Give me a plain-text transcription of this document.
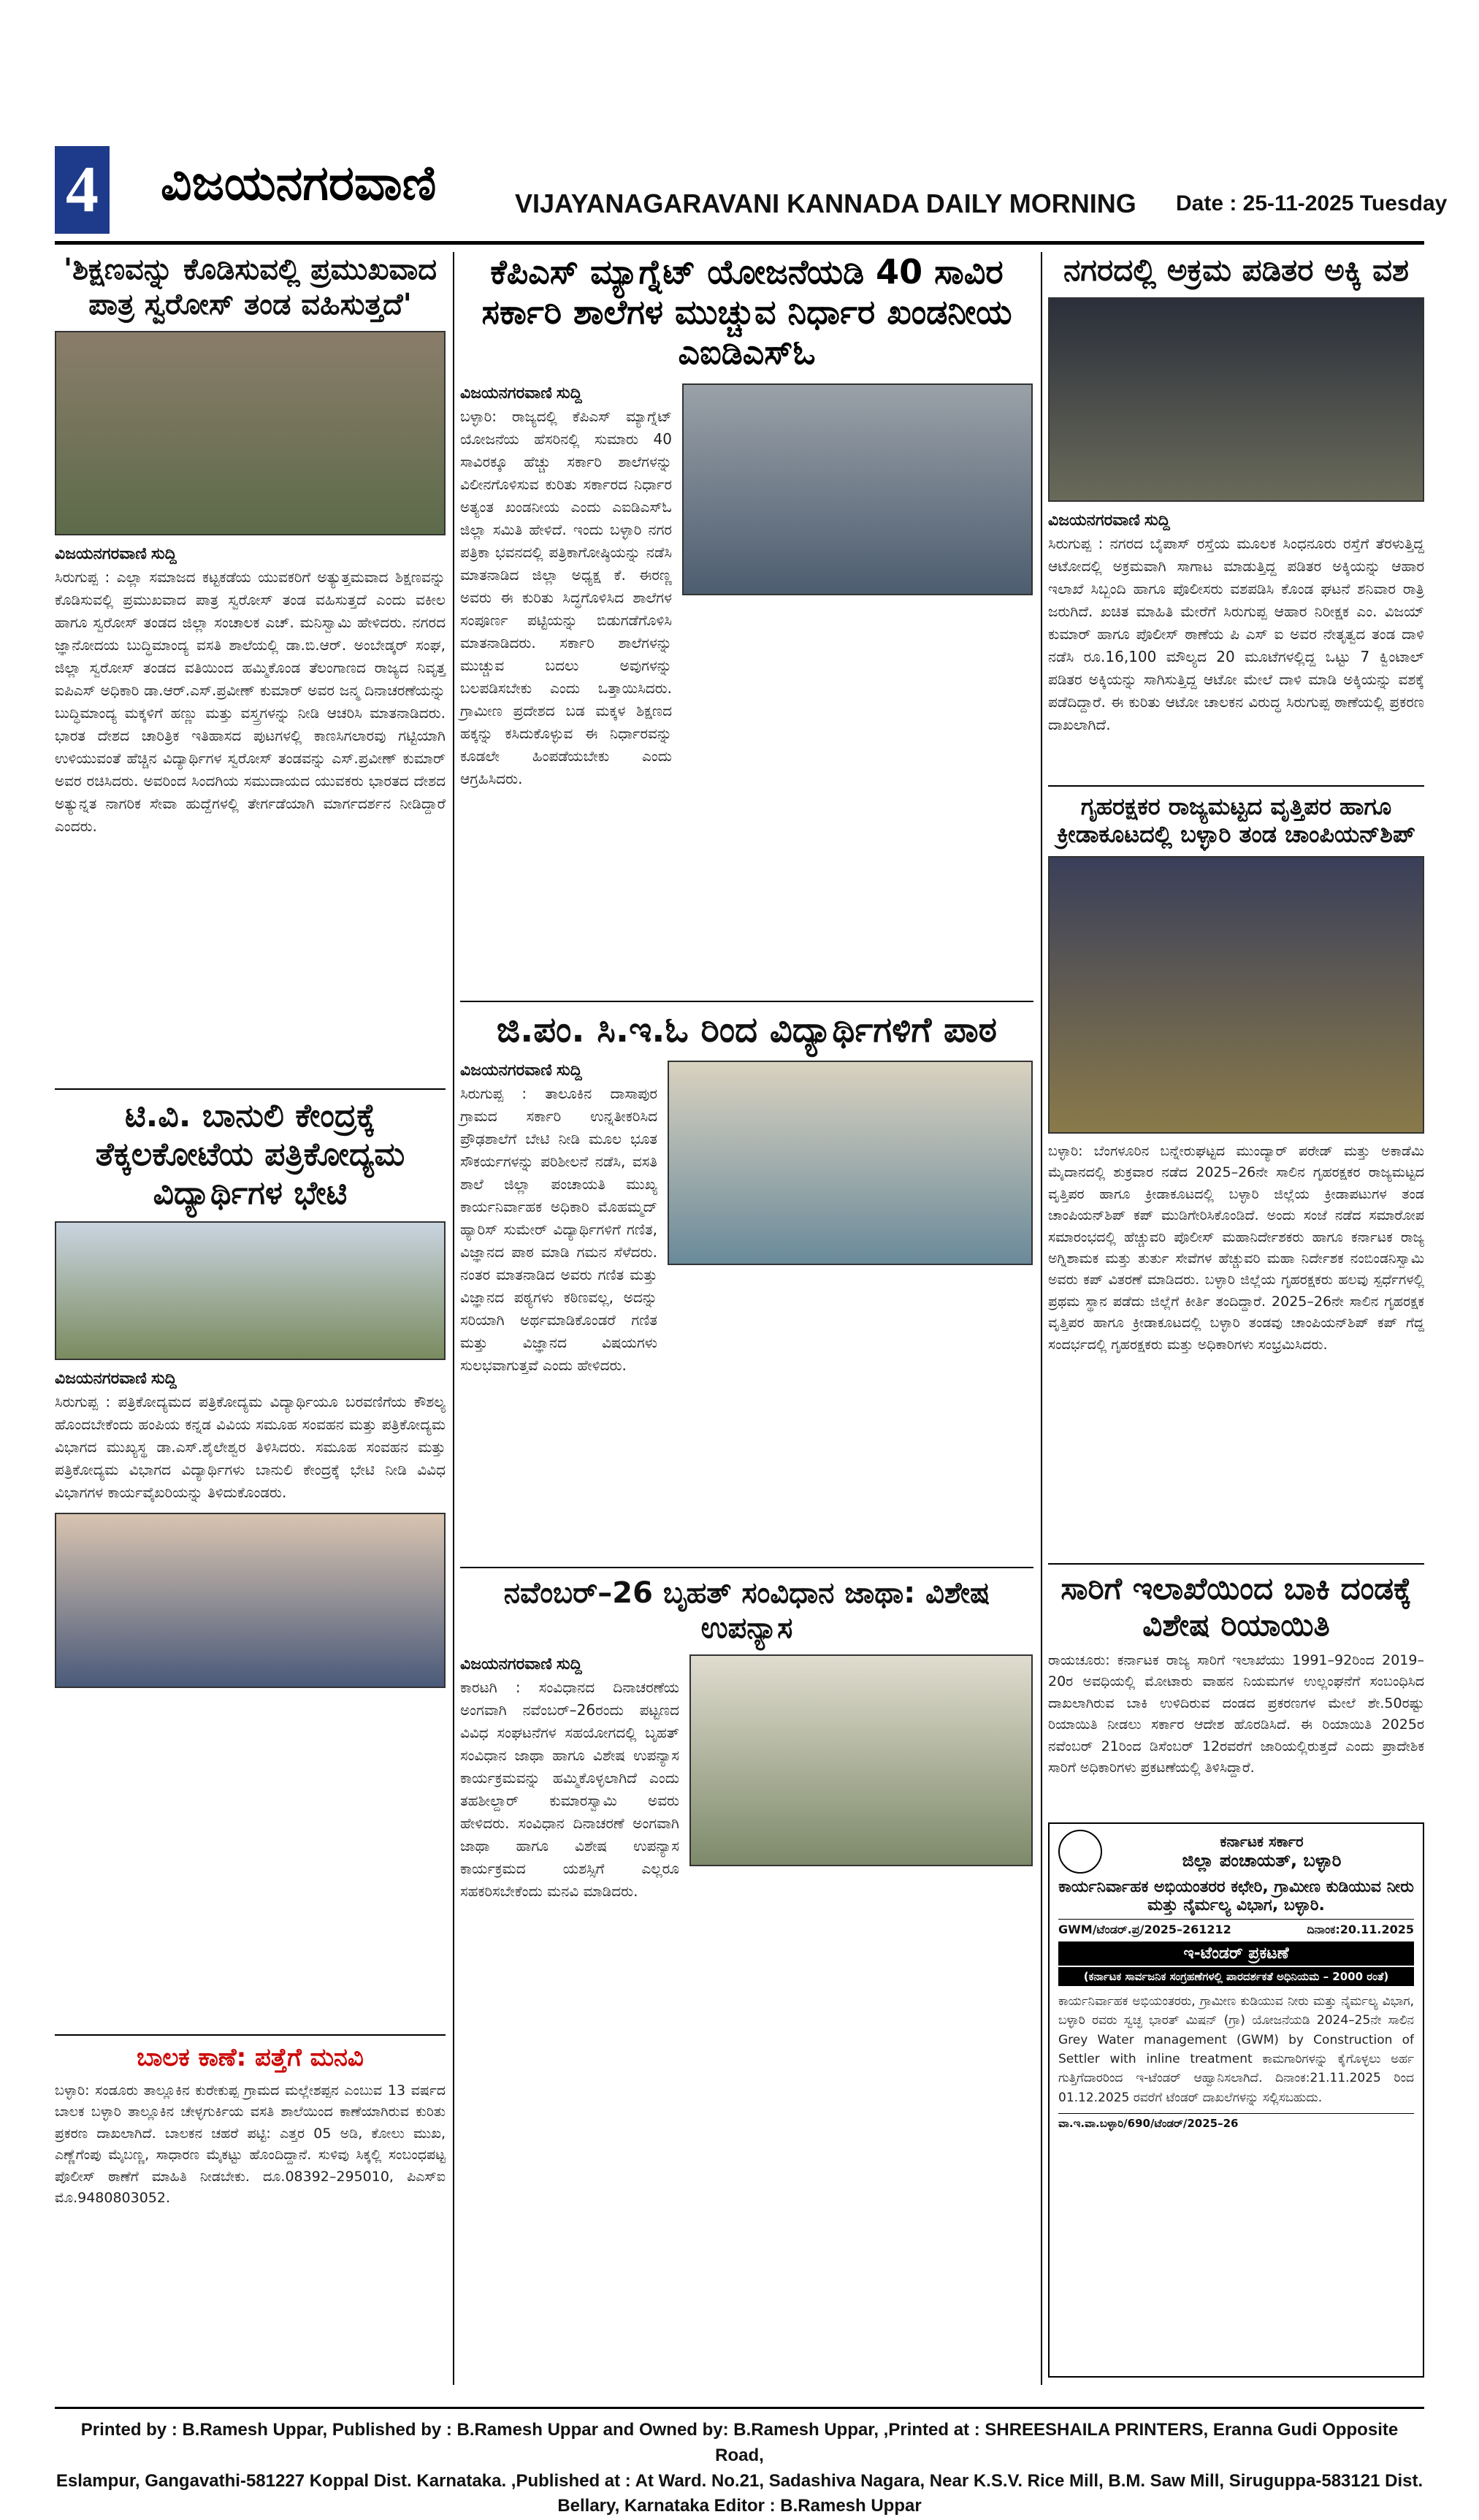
4 ವಿಜಯನಗರವಾಣಿ	VIJAYANAGARAVANI KANNADA DAILY MORNING Date : 25-11-2025 Tuesday
'ಶಿಕ್ಷಣವನ್ನು ಕೊಡಿಸುವಲ್ಲಿ ಪ್ರಮುಖವಾದ ಪಾತ್ರ ಸ್ವರೋಸ್ ತಂಡ ವಹಿಸುತ್ತದೆ'
ವಿಜಯನಗರವಾಣಿ ಸುದ್ದಿ
ಸಿರುಗುಪ್ಪ : ಎಲ್ಲಾ ಸಮಾಜದ ಕಟ್ಟಕಡೆಯ ಯುವಕರಿಗೆ ಅತ್ಯುತ್ತಮವಾದ ಶಿಕ್ಷಣವನ್ನು ಕೊಡಿಸುವಲ್ಲಿ ಪ್ರಮುಖವಾದ ಪಾತ್ರ ಸ್ವರೋಸ್ ತಂಡ ವಹಿಸುತ್ತದೆ ಎಂದು ವಕೀಲ ಹಾಗೂ ಸ್ವರೋಸ್ ತಂಡದ ಜಿಲ್ಲಾ ಸಂಚಾಲಕ ಎಚ್. ಮನಿಸ್ವಾಮಿ ಹೇಳಿದರು. ನಗರದ ಜ್ಞಾನೋದಯ ಬುದ್ಧಿಮಾಂದ್ಯ ವಸತಿ ಶಾಲೆಯಲ್ಲಿ ಡಾ.ಬಿ.ಆರ್. ಅಂಬೇಡ್ಕರ್ ಸಂಘ, ಜಿಲ್ಲಾ ಸ್ವರೋಸ್ ತಂಡದ ವತಿಯಿಂದ ಹಮ್ಮಿಕೊಂಡ ತೆಲಂಗಾಣದ ರಾಜ್ಯದ ನಿವೃತ್ತ ಐಪಿಎಸ್ ಅಧಿಕಾರಿ ಡಾ.ಆರ್.ಎಸ್.ಪ್ರವೀಣ್ ಕುಮಾರ್ ಅವರ ಜನ್ಮ ದಿನಾಚರಣೆಯನ್ನು ಬುದ್ಧಿಮಾಂದ್ಯ ಮಕ್ಕಳಿಗೆ ಹಣ್ಣು ಮತ್ತು ವಸ್ತ್ರಗಳನ್ನು ನೀಡಿ ಆಚರಿಸಿ ಮಾತನಾಡಿದರು. ಭಾರತ ದೇಶದ ಚಾರಿತ್ರಿಕ ಇತಿಹಾಸದ ಪುಟಗಳಲ್ಲಿ ಕಾಣಸಿಗಲಾರವು ಗಟ್ಟಿಯಾಗಿ ಉಳಿಯುವಂತೆ ಹೆಚ್ಚಿನ ವಿದ್ಯಾರ್ಥಿಗಳ ಸ್ವರೋಸ್ ತಂಡವನ್ನು ಎಸ್.ಪ್ರವೀಣ್ ಕುಮಾರ್ ಅವರ ರಚಿಸಿದರು. ಅವರಿಂದ ಸಿಂದಗಿಯ ಸಮುದಾಯದ ಯುವಕರು ಭಾರತದ ದೇಶದ ಅತ್ಯುನ್ನತ ನಾಗರಿಕ ಸೇವಾ ಹುದ್ದೆಗಳಲ್ಲಿ ತೇರ್ಗಡೆಯಾಗಿ ಮಾರ್ಗದರ್ಶನ ನೀಡಿದ್ದಾರೆ ಎಂದರು.
ಟಿ.ವಿ. ಬಾನುಲಿ ಕೇಂದ್ರಕ್ಕೆ ತೆಕ್ಕಲಕೋಟೆಯ ಪತ್ರಿಕೋದ್ಯಮ ವಿದ್ಯಾರ್ಥಿಗಳ ಭೇಟಿ
ವಿಜಯನಗರವಾಣಿ ಸುದ್ದಿ
ಸಿರುಗುಪ್ಪ : ಪತ್ರಿಕೋದ್ಯಮದ ಪತ್ರಿಕೋದ್ಯಮ ವಿದ್ಯಾರ್ಥಿಯೂ ಬರವಣಿಗೆಯ ಕೌಶಲ್ಯ ಹೊಂದಬೇಕೆಂದು ಹಂಪಿಯ ಕನ್ನಡ ವಿವಿಯ ಸಮೂಹ ಸಂವಹನ ಮತ್ತು ಪತ್ರಿಕೋದ್ಯಮ ವಿಭಾಗದ ಮುಖ್ಯಸ್ಥ ಡಾ.ಎಸ್.ಶೈಲೇಶ್ವರ ತಿಳಿಸಿದರು. ಸಮೂಹ ಸಂವಹನ ಮತ್ತು ಪತ್ರಿಕೋದ್ಯಮ ವಿಭಾಗದ ವಿದ್ಯಾರ್ಥಿಗಳು ಬಾನುಲಿ ಕೇಂದ್ರಕ್ಕೆ ಭೇಟಿ ನೀಡಿ ವಿವಿಧ ವಿಭಾಗಗಳ ಕಾರ್ಯವೈಖರಿಯನ್ನು ತಿಳಿದುಕೊಂಡರು.
ಬಾಲಕ ಕಾಣೆ: ಪತ್ತೆಗೆ ಮನವಿ
ಬಳ್ಳಾರಿ: ಸಂಡೂರು ತಾಲ್ಲೂಕಿನ ಕುರೇಕುಪ್ಪ ಗ್ರಾಮದ ಮಲ್ಲೇಶಪ್ಪನ ಎಂಬುವ 13 ವರ್ಷದ ಬಾಲಕ ಬಳ್ಳಾರಿ ತಾಲ್ಲೂಕಿನ ಚೇಳ್ಳಗುರ್ಕಿಯ ವಸತಿ ಶಾಲೆಯಿಂದ ಕಾಣೆಯಾಗಿರುವ ಕುರಿತು ಪ್ರಕರಣ ದಾಖಲಾಗಿದೆ. ಬಾಲಕನ ಚಹರೆ ಪಟ್ಟಿ: ಎತ್ತರ 05 ಅಡಿ, ಕೋಲು ಮುಖ, ಎಣ್ಣೆಗೆಂಪು ಮೈಬಣ್ಣ, ಸಾಧಾರಣ ಮೈಕಟ್ಟು ಹೊಂದಿದ್ದಾನೆ. ಸುಳಿವು ಸಿಕ್ಕಲ್ಲಿ ಸಂಬಂಧಪಟ್ಟ ಪೊಲೀಸ್ ಠಾಣೆಗೆ ಮಾಹಿತಿ ನೀಡಬೇಕು. ದೂ.08392–295010, ಪಿಎಸ್‌ಐ ಮೊ.9480803052.
ಕೆಪಿಎಸ್ ಮ್ಯಾಗ್ನೆಟ್ ಯೋಜನೆಯಡಿ 40 ಸಾವಿರ ಸರ್ಕಾರಿ ಶಾಲೆಗಳ ಮುಚ್ಚುವ ನಿರ್ಧಾರ ಖಂಡನೀಯ ಎಐಡಿಎಸ್ಓ
ವಿಜಯನಗರವಾಣಿ ಸುದ್ದಿ
ಬಳ್ಳಾರಿ: ರಾಜ್ಯದಲ್ಲಿ ಕೆಪಿಎಸ್ ಮ್ಯಾಗ್ನೆಟ್ ಯೋಜನೆಯ ಹೆಸರಿನಲ್ಲಿ ಸುಮಾರು 40 ಸಾವಿರಕ್ಕೂ ಹೆಚ್ಚು ಸರ್ಕಾರಿ ಶಾಲೆಗಳನ್ನು ವಿಲೀನಗೊಳಿಸುವ ಕುರಿತು ಸರ್ಕಾರದ ನಿರ್ಧಾರ ಅತ್ಯಂತ ಖಂಡನೀಯ ಎಂದು ಎಐಡಿಎಸ್‌ಓ ಜಿಲ್ಲಾ ಸಮಿತಿ ಹೇಳಿದೆ. ಇಂದು ಬಳ್ಳಾರಿ ನಗರ ಪತ್ರಿಕಾ ಭವನದಲ್ಲಿ ಪತ್ರಿಕಾಗೋಷ್ಠಿಯನ್ನು ನಡೆಸಿ ಮಾತನಾಡಿದ ಜಿಲ್ಲಾ ಅಧ್ಯಕ್ಷ ಕೆ. ಈರಣ್ಣ ಅವರು ಈ ಕುರಿತು ಸಿದ್ಧಗೊಳಿಸಿದ ಶಾಲೆಗಳ ಸಂಪೂರ್ಣ ಪಟ್ಟಿಯನ್ನು ಬಿಡುಗಡೆಗೊಳಿಸಿ ಮಾತನಾಡಿದರು. ಸರ್ಕಾರಿ ಶಾಲೆಗಳನ್ನು ಮುಚ್ಚುವ ಬದಲು ಅವುಗಳನ್ನು ಬಲಪಡಿಸಬೇಕು ಎಂದು ಒತ್ತಾಯಿಸಿದರು. ಗ್ರಾಮೀಣ ಪ್ರದೇಶದ ಬಡ ಮಕ್ಕಳ ಶಿಕ್ಷಣದ ಹಕ್ಕನ್ನು ಕಸಿದುಕೊಳ್ಳುವ ಈ ನಿರ್ಧಾರವನ್ನು ಕೂಡಲೇ ಹಿಂಪಡೆಯಬೇಕು ಎಂದು ಆಗ್ರಹಿಸಿದರು.
ಜಿ.ಪಂ. ಸಿ.ಇ.ಓ ರಿಂದ ವಿದ್ಯಾರ್ಥಿಗಳಿಗೆ ಪಾಠ
ವಿಜಯನಗರವಾಣಿ ಸುದ್ದಿ
ಸಿರುಗುಪ್ಪ : ತಾಲೂಕಿನ ದಾಸಾಪುರ ಗ್ರಾಮದ ಸರ್ಕಾರಿ ಉನ್ನತೀಕರಿಸಿದ ಪ್ರೌಢಶಾಲೆಗೆ ಬೇಟಿ ನೀಡಿ ಮೂಲ ಭೂತ ಸೌಕರ್ಯಗಳನ್ನು ಪರಿಶೀಲನೆ ನಡೆಸಿ, ವಸತಿ ಶಾಲೆ ಜಿಲ್ಲಾ ಪಂಚಾಯತಿ ಮುಖ್ಯ ಕಾರ್ಯನಿರ್ವಾಹಕ ಅಧಿಕಾರಿ ಮೊಹಮ್ಮದ್ ಹ್ಯಾರಿಸ್ ಸುಮೇರ್ ವಿದ್ಯಾರ್ಥಿಗಳಿಗೆ ಗಣಿತ, ವಿಜ್ಞಾನದ ಪಾಠ ಮಾಡಿ ಗಮನ ಸೆಳೆದರು. ನಂತರ ಮಾತನಾಡಿದ ಅವರು ಗಣಿತ ಮತ್ತು ವಿಜ್ಞಾನದ ಪಠ್ಯಗಳು ಕಠಿಣವಲ್ಲ, ಅದನ್ನು ಸರಿಯಾಗಿ ಅರ್ಥಮಾಡಿಕೊಂಡರೆ ಗಣಿತ ಮತ್ತು ವಿಜ್ಞಾನದ ವಿಷಯಗಳು ಸುಲಭವಾಗುತ್ತವೆ ಎಂದು ಹೇಳಿದರು.
ನವೆಂಬರ್–26 ಬೃಹತ್ ಸಂವಿಧಾನ ಜಾಥಾ: ವಿಶೇಷ ಉಪನ್ಯಾಸ
ವಿಜಯನಗರವಾಣಿ ಸುದ್ದಿ
ಕಾರಟಗಿ : ಸಂವಿಧಾನದ ದಿನಾಚರಣೆಯ ಅಂಗವಾಗಿ ನವೆಂಬರ್–26ರಂದು ಪಟ್ಟಣದ ವಿವಿಧ ಸಂಘಟನೆಗಳ ಸಹಯೋಗದಲ್ಲಿ ಬೃಹತ್ ಸಂವಿಧಾನ ಜಾಥಾ ಹಾಗೂ ವಿಶೇಷ ಉಪನ್ಯಾಸ ಕಾರ್ಯಕ್ರಮವನ್ನು ಹಮ್ಮಿಕೊಳ್ಳಲಾಗಿದೆ ಎಂದು ತಹಶೀಲ್ದಾರ್ ಕುಮಾರಸ್ವಾಮಿ ಅವರು ಹೇಳಿದರು. ಸಂವಿಧಾನ ದಿನಾಚರಣೆ ಅಂಗವಾಗಿ ಜಾಥಾ ಹಾಗೂ ವಿಶೇಷ ಉಪನ್ಯಾಸ ಕಾರ್ಯಕ್ರಮದ ಯಶಸ್ಸಿಗೆ ಎಲ್ಲರೂ ಸಹಕರಿಸಬೇಕೆಂದು ಮನವಿ ಮಾಡಿದರು.
ನಗರದಲ್ಲಿ ಅಕ್ರಮ ಪಡಿತರ ಅಕ್ಕಿ ವಶ
ವಿಜಯನಗರವಾಣಿ ಸುದ್ದಿ
ಸಿರುಗುಪ್ಪ : ನಗರದ ಬೈಪಾಸ್ ರಸ್ತೆಯ ಮೂಲಕ ಸಿಂಧನೂರು ರಸ್ತೆಗೆ ತೆರಳುತ್ತಿದ್ದ ಆಟೋದಲ್ಲಿ ಅಕ್ರಮವಾಗಿ ಸಾಗಾಟ ಮಾಡುತ್ತಿದ್ದ ಪಡಿತರ ಅಕ್ಕಿಯನ್ನು ಆಹಾರ ಇಲಾಖೆ ಸಿಬ್ಬಂದಿ ಹಾಗೂ ಪೊಲೀಸರು ವಶಪಡಿಸಿ ಕೊಂಡ ಘಟನೆ ಶನಿವಾರ ರಾತ್ರಿ ಜರುಗಿದೆ. ಖಚಿತ ಮಾಹಿತಿ ಮೇರೆಗೆ ಸಿರುಗುಪ್ಪ ಆಹಾರ ನಿರೀಕ್ಷಕ ಎಂ. ವಿಜಯ್ ಕುಮಾರ್ ಹಾಗೂ ಪೊಲೀಸ್ ಠಾಣೆಯ ಪಿ ಎಸ್ ಐ ಅವರ ನೇತೃತ್ವದ ತಂಡ ದಾಳಿ ನಡೆಸಿ ರೂ.16,100 ಮೌಲ್ಯದ 20 ಮೂಟೆಗಳಲ್ಲಿದ್ದ ಒಟ್ಟು 7 ಕ್ವಿಂಟಾಲ್ ಪಡಿತರ ಅಕ್ಕಿಯನ್ನು ಸಾಗಿಸುತ್ತಿದ್ದ ಆಟೋ ಮೇಲೆ ದಾಳಿ ಮಾಡಿ ಅಕ್ಕಿಯನ್ನು ವಶಕ್ಕೆ ಪಡೆದಿದ್ದಾರೆ. ಈ ಕುರಿತು ಆಟೋ ಚಾಲಕನ ವಿರುದ್ಧ ಸಿರುಗುಪ್ಪ ಠಾಣೆಯಲ್ಲಿ ಪ್ರಕರಣ ದಾಖಲಾಗಿದೆ.
ಗೃಹರಕ್ಷಕರ ರಾಜ್ಯಮಟ್ಟದ ವೃತ್ತಿಪರ ಹಾಗೂ ಕ್ರೀಡಾಕೂಟದಲ್ಲಿ ಬಳ್ಳಾರಿ ತಂಡ ಚಾಂಪಿಯನ್‌ಶಿಪ್
ಬಳ್ಳಾರಿ: ಬೆಂಗಳೂರಿನ ಬನ್ನೇರುಘಟ್ಟದ ಮುಂದ್ಯಾರ್ ಪರೇಡ್ ಮತ್ತು ಅಕಾಡೆಮಿ ಮೈದಾನದಲ್ಲಿ ಶುಕ್ರವಾರ ನಡೆದ 2025–26ನೇ ಸಾಲಿನ ಗೃಹರಕ್ಷಕರ ರಾಜ್ಯಮಟ್ಟದ ವೃತ್ತಿಪರ ಹಾಗೂ ಕ್ರೀಡಾಕೂಟದಲ್ಲಿ ಬಳ್ಳಾರಿ ಜಿಲ್ಲೆಯ ಕ್ರೀಡಾಪಟುಗಳ ತಂಡ ಚಾಂಪಿಯನ್‌ಶಿಪ್ ಕಪ್ ಮುಡಿಗೇರಿಸಿಕೊಂಡಿದೆ. ಅಂದು ಸಂಜೆ ನಡೆದ ಸಮಾರೋಪ ಸಮಾರಂಭದಲ್ಲಿ ಹೆಚ್ಚುವರಿ ಪೊಲೀಸ್ ಮಹಾನಿರ್ದೇಶಕರು ಹಾಗೂ ಕರ್ನಾಟಕ ರಾಜ್ಯ ಅಗ್ನಿಶಾಮಕ ಮತ್ತು ತುರ್ತು ಸೇವೆಗಳ ಹೆಚ್ಚುವರಿ ಮಹಾ ನಿರ್ದೇಶಕ ನಂಬಿಂಡನಿಸ್ವಾಮಿ ಅವರು ಕಪ್ ವಿತರಣೆ ಮಾಡಿದರು. ಬಳ್ಳಾರಿ ಜಿಲ್ಲೆಯ ಗೃಹರಕ್ಷಕರು ಹಲವು ಸ್ಪರ್ಧೆಗಳಲ್ಲಿ ಪ್ರಥಮ ಸ್ಥಾನ ಪಡೆದು ಜಿಲ್ಲೆಗೆ ಕೀರ್ತಿ ತಂದಿದ್ದಾರೆ. 2025–26ನೇ ಸಾಲಿನ ಗೃಹರಕ್ಷಕ ವೃತ್ತಿಪರ ಹಾಗೂ ಕ್ರೀಡಾಕೂಟದಲ್ಲಿ ಬಳ್ಳಾರಿ ತಂಡವು ಚಾಂಪಿಯನ್‌ಶಿಪ್ ಕಪ್ ಗೆದ್ದ ಸಂದರ್ಭದಲ್ಲಿ ಗೃಹರಕ್ಷಕರು ಮತ್ತು ಅಧಿಕಾರಿಗಳು ಸಂಭ್ರಮಿಸಿದರು.
ಸಾರಿಗೆ ಇಲಾಖೆಯಿಂದ ಬಾಕಿ ದಂಡಕ್ಕೆ ವಿಶೇಷ ರಿಯಾಯಿತಿ
ರಾಯಚೂರು: ಕರ್ನಾಟಕ ರಾಜ್ಯ ಸಾರಿಗೆ ಇಲಾಖೆಯು 1991–92ರಿಂದ 2019–20ರ ಅವಧಿಯಲ್ಲಿ ಮೋಟಾರು ವಾಹನ ನಿಯಮಗಳ ಉಲ್ಲಂಘನೆಗೆ ಸಂಬಂಧಿಸಿದ ದಾಖಲಾಗಿರುವ ಬಾಕಿ ಉಳಿದಿರುವ ದಂಡದ ಪ್ರಕರಣಗಳ ಮೇಲೆ ಶೇ.50ರಷ್ಟು ರಿಯಾಯಿತಿ ನೀಡಲು ಸರ್ಕಾರ ಆದೇಶ ಹೊರಡಿಸಿದೆ. ಈ ರಿಯಾಯಿತಿ 2025ರ ನವೆಂಬರ್ 21ರಿಂದ ಡಿಸೆಂಬರ್ 12ರವರೆಗೆ ಜಾರಿಯಲ್ಲಿರುತ್ತದೆ ಎಂದು ಪ್ರಾದೇಶಿಕ ಸಾರಿಗೆ ಅಧಿಕಾರಿಗಳು ಪ್ರಕಟಣೆಯಲ್ಲಿ ತಿಳಿಸಿದ್ದಾರೆ.
ಕರ್ನಾಟಕ ಸರ್ಕಾರ
ಜಿಲ್ಲಾ ಪಂಚಾಯತ್, ಬಳ್ಳಾರಿ
ಕಾರ್ಯನಿರ್ವಾಹಕ ಅಭಿಯಂತರರ ಕಛೇರಿ, ಗ್ರಾಮೀಣ ಕುಡಿಯುವ ನೀರು ಮತ್ತು ನೈರ್ಮಲ್ಯ ವಿಭಾಗ, ಬಳ್ಳಾರಿ.
GWM/ಟೆಂಡರ್.ಪ್ರ/2025–261212	ದಿನಾಂಕ:20.11.2025
ಇ-ಟೆಂಡರ್ ಪ್ರಕಟಣೆ
(ಕರ್ನಾಟಕ ಸಾರ್ವಜನಿಕ ಸಂಗ್ರಹಣೆಗಳಲ್ಲಿ ಪಾರದರ್ಶಕತೆ ಅಧಿನಿಯಮ – 2000 ರಂತೆ)
ಕಾರ್ಯನಿರ್ವಾಹಕ ಅಭಿಯಂತರರು, ಗ್ರಾಮೀಣ ಕುಡಿಯುವ ನೀರು ಮತ್ತು ನೈರ್ಮಲ್ಯ ವಿಭಾಗ, ಬಳ್ಳಾರಿ ರವರು ಸ್ವಚ್ಛ ಭಾರತ್ ಮಿಷನ್ (ಗ್ರಾ) ಯೋಜನೆಯಡಿ 2024–25ನೇ ಸಾಲಿನ Grey Water management (GWM) by Construction of Settler with inline treatment ಕಾಮಗಾರಿಗಳನ್ನು ಕೈಗೊಳ್ಳಲು ಅರ್ಹ ಗುತ್ತಿಗೆದಾರರಿಂದ ಇ-ಟೆಂಡರ್ ಆಹ್ವಾನಿಸಲಾಗಿದೆ. ದಿನಾಂಕ:21.11.2025 ರಿಂದ 01.12.2025 ರವರೆಗೆ ಟೆಂಡರ್ ದಾಖಲೆಗಳನ್ನು ಸಲ್ಲಿಸಬಹುದು.
ವಾ.ಇ.ವಾ.ಬಳ್ಳಾರಿ/690/ಟೆಂಡರ್/2025–26
Printed by : B.Ramesh Uppar, Published by : B.Ramesh Uppar and Owned by: B.Ramesh Uppar, ,Printed at : SHREESHAILA PRINTERS, Eranna Gudi Opposite Road,
Eslampur, Gangavathi-581227 Koppal Dist. Karnataka. ,Published at : At Ward. No.21, Sadashiva Nagara, Near K.S.V. Rice Mill, B.M. Saw Mill, Siruguppa-583121 Dist.
Bellary, Karnataka Editor : B.Ramesh Uppar
